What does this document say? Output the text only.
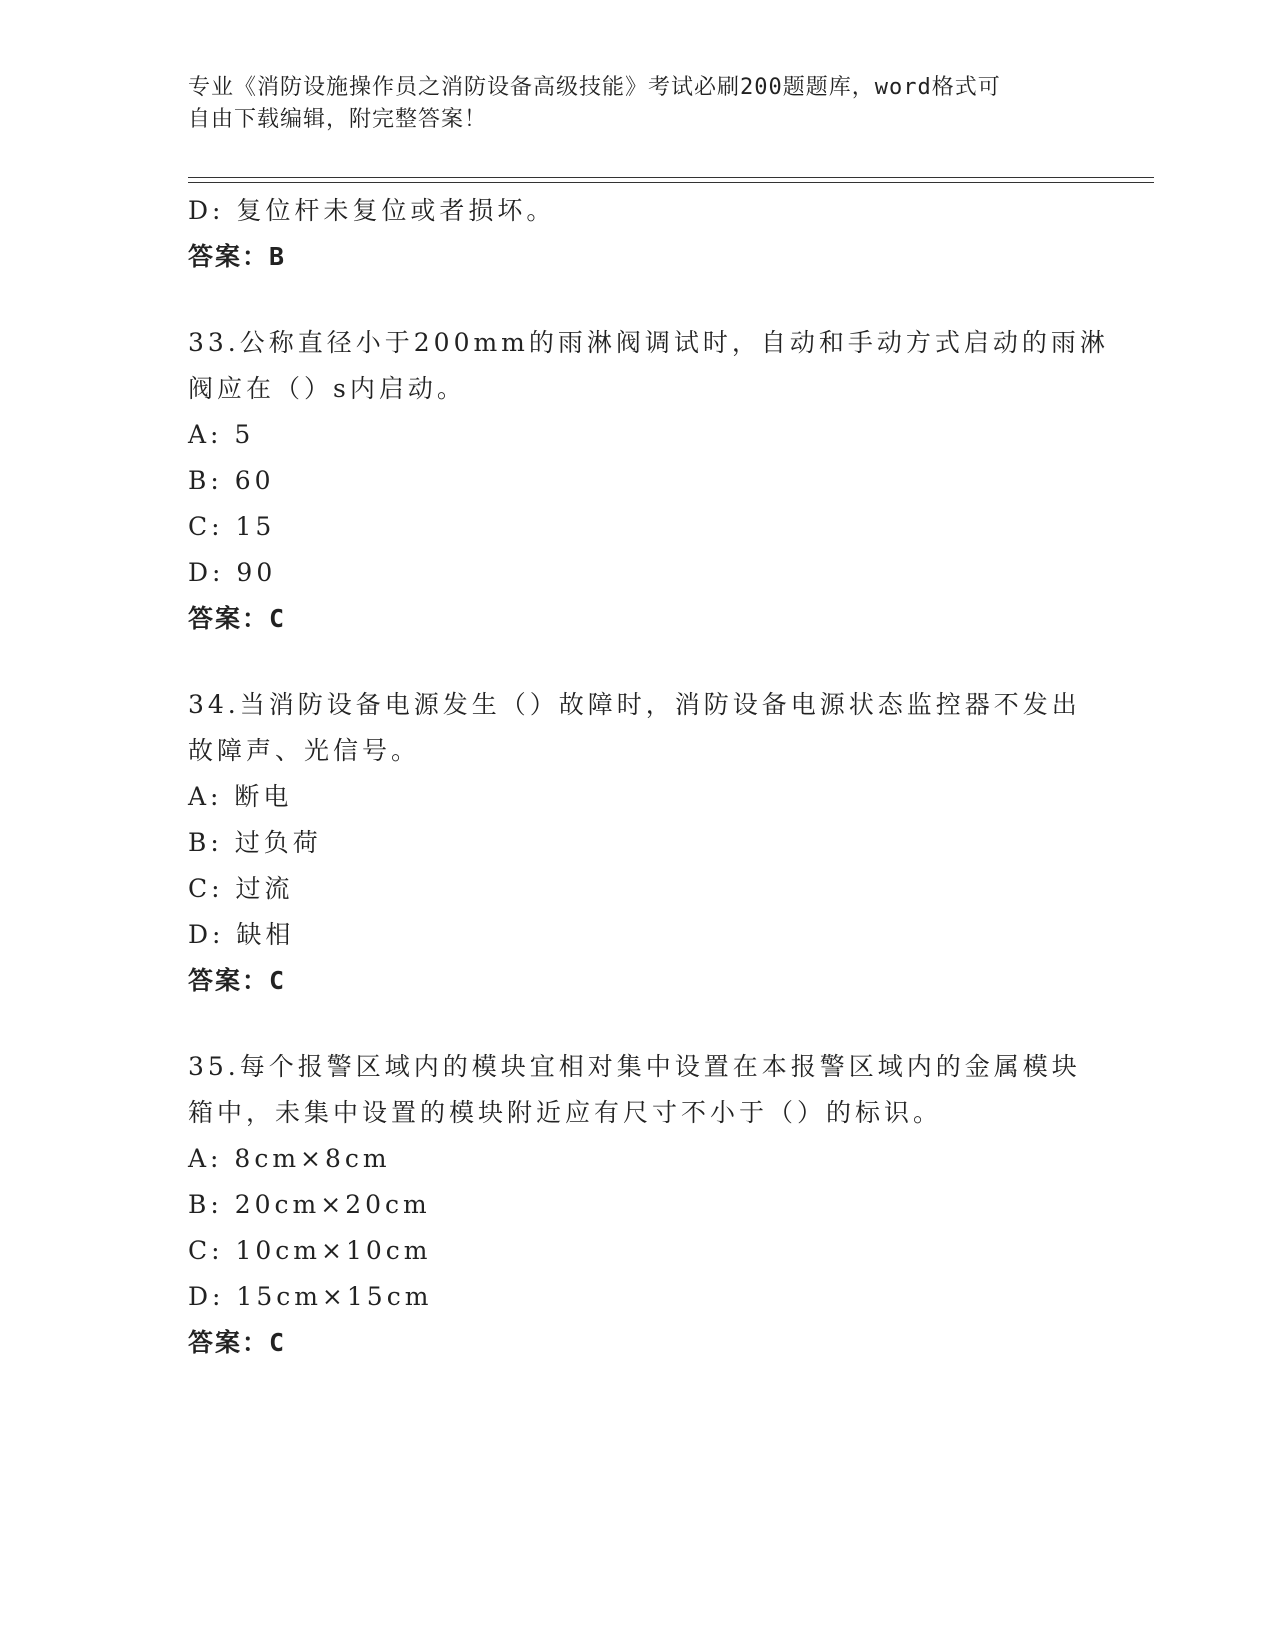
专业《消防设施操作员之消防设备高级技能》考试必刷200题题库，word格式可
自由下载编辑，附完整答案！
D: 复位杆未复位或者损坏。
答案：B
33.公称直径小于200mm的雨淋阀调试时，自动和手动方式启动的雨淋
阀应在（）s内启动。
A: 5
B: 60
C: 15
D: 90
答案：C
34.当消防设备电源发生（）故障时，消防设备电源状态监控器不发出
故障声、光信号。
A: 断电
B: 过负荷
C: 过流
D: 缺相
答案：C
35.每个报警区域内的模块宜相对集中设置在本报警区域内的金属模块
箱中，未集中设置的模块附近应有尺寸不小于（）的标识。
A: 8cm×8cm
B: 20cm×20cm
C: 10cm×10cm
D: 15cm×15cm
答案：C
